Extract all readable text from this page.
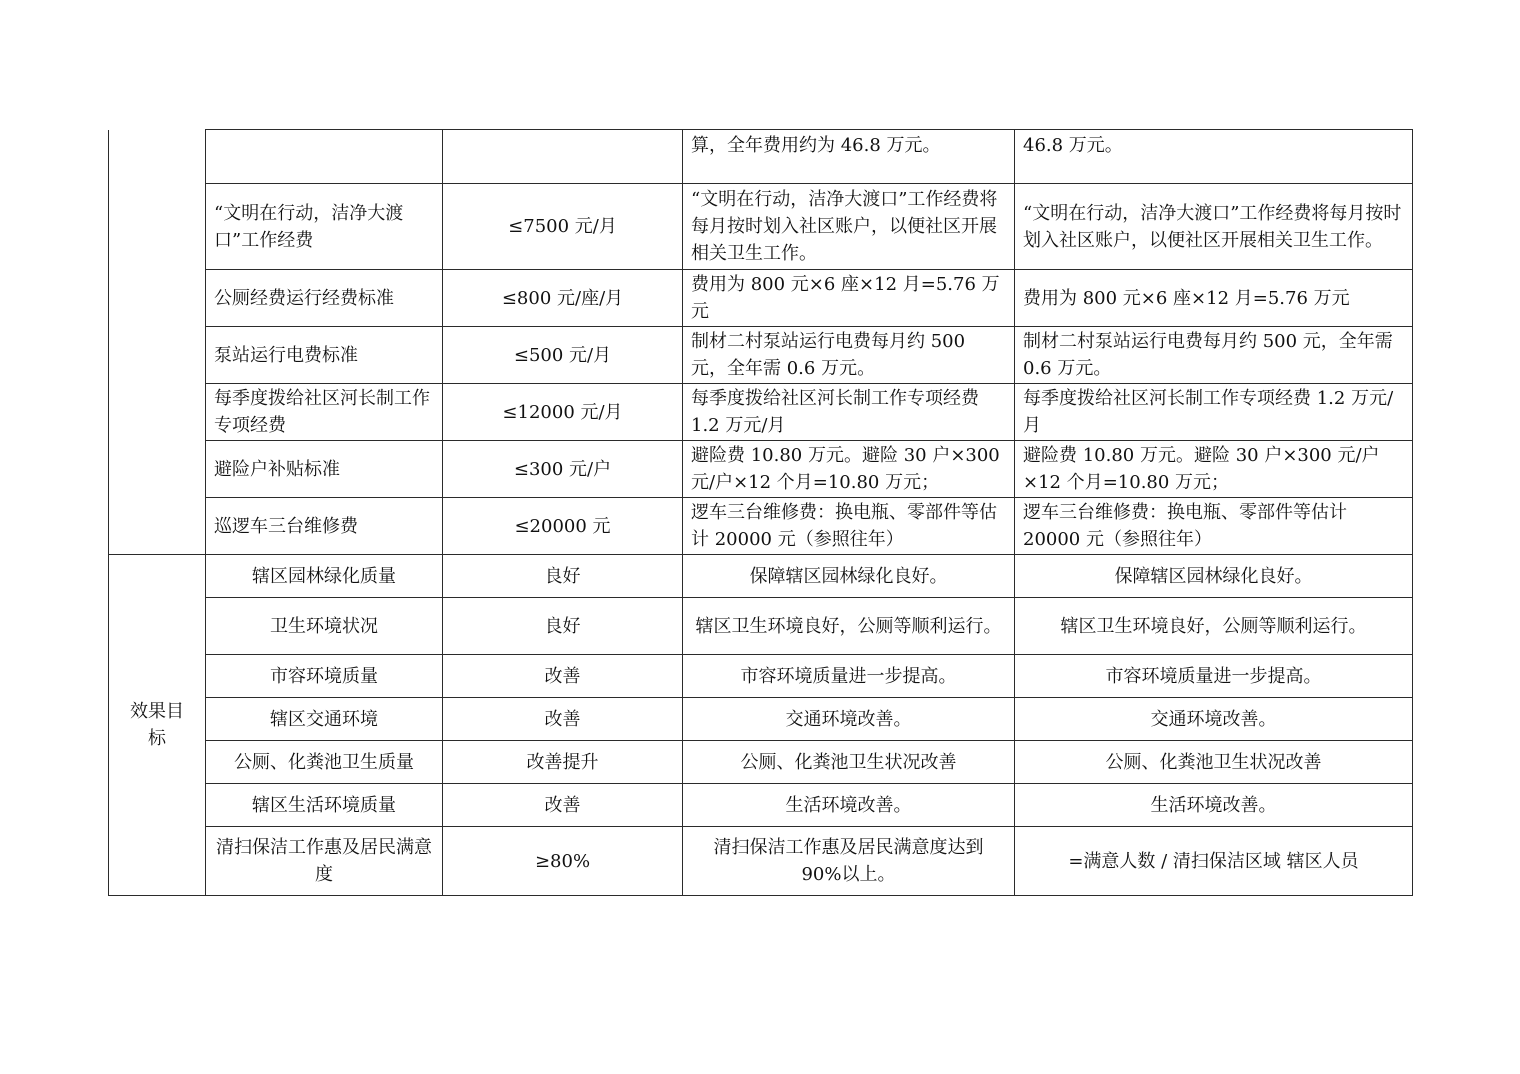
			算，全年费用约为 46.8 万元。	46.8 万元。
	“文明在行动，洁净大渡口”工作经费	≤7500 元/月	“文明在行动，洁净大渡口”工作经费将每月按时划入社区账户，以便社区开展相关卫生工作。	“文明在行动，洁净大渡口”工作经费将每月按时划入社区账户，以便社区开展相关卫生工作。
	公厕经费运行经费标准	≤800 元/座/月	费用为 800 元×6 座×12 月=5.76 万元	费用为 800 元×6 座×12 月=5.76 万元
	泵站运行电费标准	≤500 元/月	制材二村泵站运行电费每月约 500 元，全年需 0.6 万元。	制材二村泵站运行电费每月约 500 元，全年需 0.6 万元。
	每季度拨给社区河长制工作专项经费	≤12000 元/月	每季度拨给社区河长制工作专项经费 1.2 万元/月	每季度拨给社区河长制工作专项经费 1.2 万元/月
	避险户补贴标准	≤300 元/户	避险费 10.80 万元。避险 30 户×300 元/户×12 个月=10.80 万元；	避险费 10.80 万元。避险 30 户×300 元/户×12 个月=10.80 万元；
	巡逻车三台维修费	≤20000 元	逻车三台维修费：换电瓶、零部件等估计 20000 元（参照往年）	逻车三台维修费：换电瓶、零部件等估计 20000 元（参照往年）
效果目标	辖区园林绿化质量	良好	保障辖区园林绿化良好。	保障辖区园林绿化良好。
	卫生环境状况	良好	辖区卫生环境良好，公厕等顺利运行。	辖区卫生环境良好，公厕等顺利运行。
	市容环境质量	改善	市容环境质量进一步提高。	市容环境质量进一步提高。
	辖区交通环境	改善	交通环境改善。	交通环境改善。
	公厕、化粪池卫生质量	改善提升	公厕、化粪池卫生状况改善	公厕、化粪池卫生状况改善
	辖区生活环境质量	改善	生活环境改善。	生活环境改善。
	清扫保洁工作惠及居民满意度	≥80%	清扫保洁工作惠及居民满意度达到 90%以上。	=满意人数 / 清扫保洁区域 辖区人员
